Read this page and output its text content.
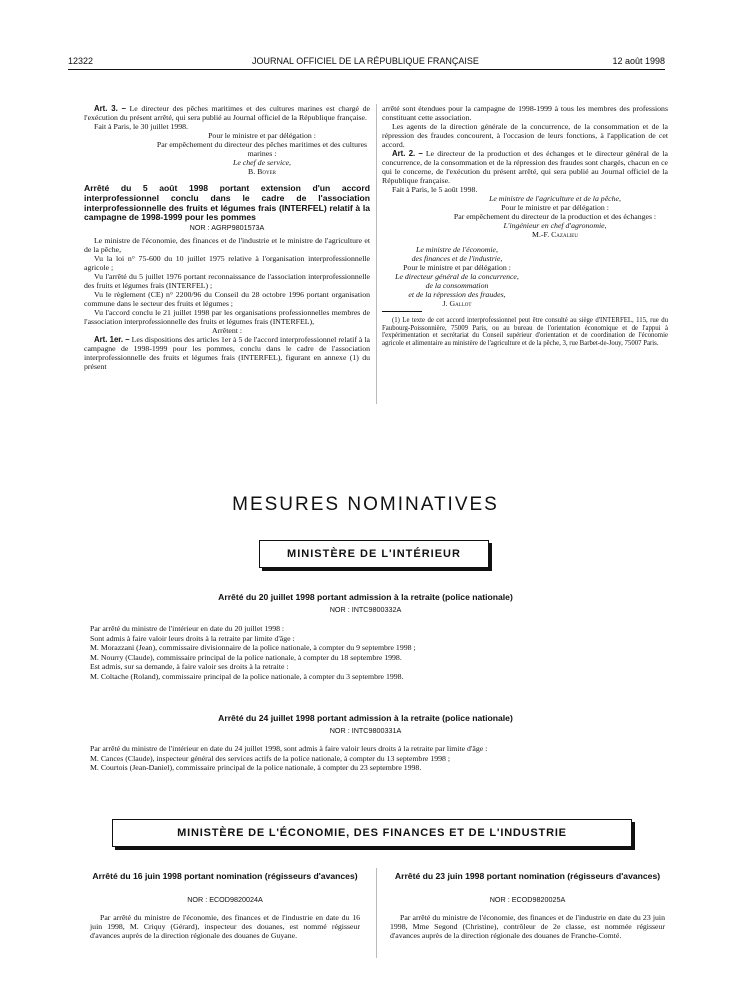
12322	JOURNAL OFFICIEL DE LA RÉPUBLIQUE FRANÇAISE	12 août 1998

Art. 3. – Le directeur des pêches maritimes et des cultures marines est chargé de l'exécution du présent arrêté, qui sera publié au Journal officiel de la République française.

Fait à Paris, le 30 juillet 1998.

Pour le ministre et par délégation :

Par empêchement du directeur des pêches maritimes et des cultures marines :

Le chef de service,

B. Boyer

Arrêté du 5 août 1998 portant extension d'un accord interprofessionnel conclu dans le cadre de l'association interprofessionnelle des fruits et légumes frais (INTERFEL) relatif à la campagne de 1998-1999 pour les pommes

NOR : AGRP9801573A

Le ministre de l'économie, des finances et de l'industrie et le ministre de l'agriculture et de la pêche,

Vu la loi n° 75-600 du 10 juillet 1975 relative à l'organisation interprofessionnelle agricole ;

Vu l'arrêté du 5 juillet 1976 portant reconnaissance de l'association interprofessionnelle des fruits et légumes frais (INTERFEL) ;

Vu le règlement (CE) n° 2200/96 du Conseil du 28 octobre 1996 portant organisation commune dans le secteur des fruits et légumes ;

Vu l'accord conclu le 21 juillet 1998 par les organisations professionnelles membres de l'association interprofessionnelle des fruits et légumes frais (INTERFEL),

Arrêtent :

Art. 1er. – Les dispositions des articles 1er à 5 de l'accord interprofessionnel relatif à la campagne de 1998-1999 pour les pommes, conclu dans le cadre de l'association interprofessionnelle des fruits et légumes frais (INTERFEL), figurant en annexe (1) du présent

arrêté sont étendues pour la campagne de 1998-1999 à tous les membres des professions constituant cette association.

Les agents de la direction générale de la concurrence, de la consommation et de la répression des fraudes concourent, à l'occasion de leurs fonctions, à l'application de cet accord.

Art. 2. – Le directeur de la production et des échanges et le directeur général de la concurrence, de la consommation et de la répression des fraudes sont chargés, chacun en ce qui le concerne, de l'exécution du présent arrêté, qui sera publié au Journal officiel de la République française.

Fait à Paris, le 5 août 1998.

Le ministre de l'agriculture et de la pêche,

Pour le ministre et par délégation :

Par empêchement du directeur de la production et des échanges :

L'ingénieur en chef d'agronomie,

M.-F. Cazalieu

Le ministre de l'économie,

des finances et de l'industrie,

Pour le ministre et par délégation :

Le directeur général de la concurrence,

de la consommation

et de la répression des fraudes,

J. Gallot

(1) Le texte de cet accord interprofessionnel peut être consulté au siège d'INTERFEL, 115, rue du Faubourg-Poissonnière, 75009 Paris, ou au bureau de l'orientation économique et de l'appui à l'expérimentation et secrétariat du Conseil supérieur d'orientation et de coordination de l'économie agricole et alimentaire au ministère de l'agriculture et de la pêche, 3, rue Barbet-de-Jouy, 75007 Paris.

MESURES NOMINATIVES
MINISTÈRE DE L'INTÉRIEUR
Arrêté du 20 juillet 1998 portant admission à la retraite (police nationale)
NOR : INTC9800332A

Par arrêté du ministre de l'intérieur en date du 20 juillet 1998 :

Sont admis à faire valoir leurs droits à la retraite par limite d'âge :

M. Morazzani (Jean), commissaire divisionnaire de la police nationale, à compter du 9 septembre 1998 ;

M. Nourry (Claude), commissaire principal de la police nationale, à compter du 18 septembre 1998.

Est admis, sur sa demande, à faire valoir ses droits à la retraite :

M. Coltache (Roland), commissaire principal de la police nationale, à compter du 3 septembre 1998.

Arrêté du 24 juillet 1998 portant admission à la retraite (police nationale)
NOR : INTC9800331A

Par arrêté du ministre de l'intérieur en date du 24 juillet 1998, sont admis à faire valoir leurs droits à la retraite par limite d'âge :

M. Cances (Claude), inspecteur général des services actifs de la police nationale, à compter du 13 septembre 1998 ;

M. Courtois (Jean-Daniel), commissaire principal de la police nationale, à compter du 23 septembre 1998.

MINISTÈRE DE L'ÉCONOMIE, DES FINANCES ET DE L'INDUSTRIE
Arrêté du 16 juin 1998 portant nomination (régisseurs d'avances)
NOR : ECOD9820024A

Par arrêté du ministre de l'économie, des finances et de l'industrie en date du 16 juin 1998, M. Criquy (Gérard), inspecteur des douanes, est nommé régisseur d'avances auprès de la direction régionale des douanes de Guyane.

Arrêté du 23 juin 1998 portant nomination (régisseurs d'avances)
NOR : ECOD9820025A

Par arrêté du ministre de l'économie, des finances et de l'industrie en date du 23 juin 1998, Mme Segond (Christine), contrôleur de 2e classe, est nommée régisseur d'avances auprès de la direction régionale des douanes de Franche-Comté.
